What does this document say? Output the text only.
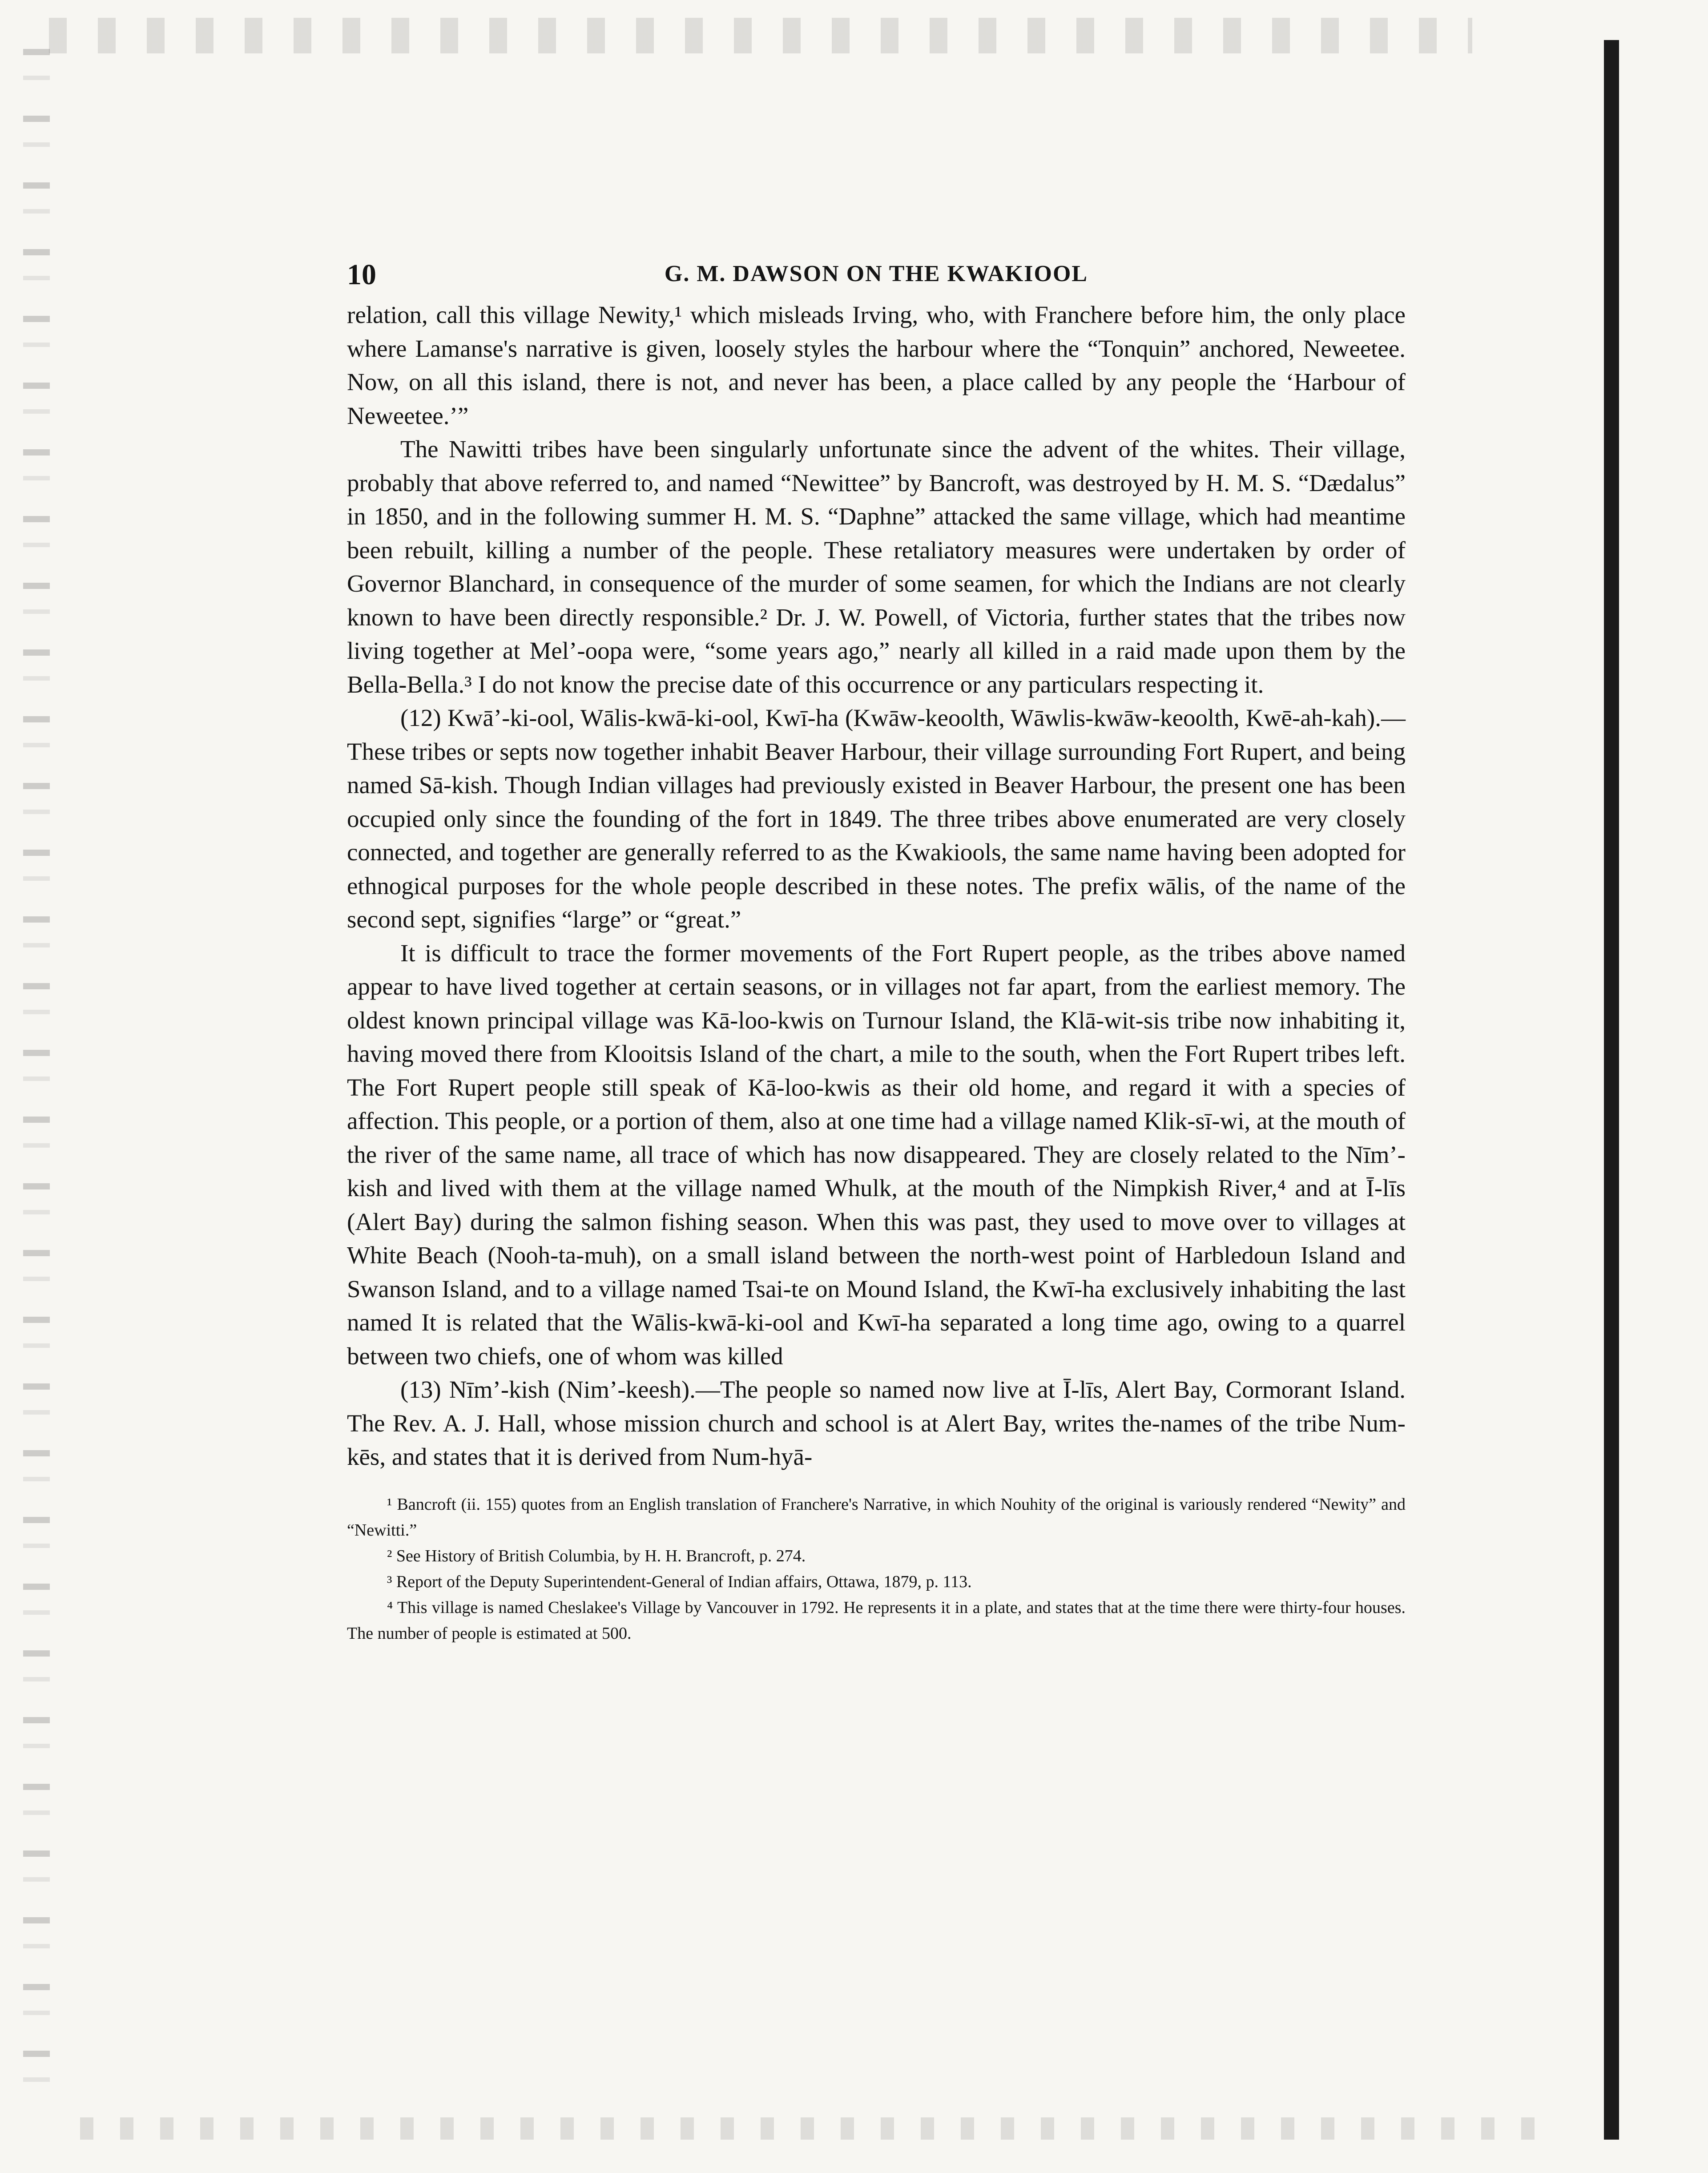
10	G. M. DAWSON ON THE KWAKIOOL

relation, call this village Newity,¹ which misleads Irving, who, with Franchere before him, the only place where Lamanse's narrative is given, loosely styles the harbour where the “Tonquin” anchored, Neweetee. Now, on all this island, there is not, and never has been, a place called by any people the ‘Harbour of Neweetee.’”

The Nawitti tribes have been singularly unfortunate since the advent of the whites. Their village, probably that above referred to, and named “Newittee” by Bancroft, was destroyed by H. M. S. “Dædalus” in 1850, and in the following summer H. M. S. “Daphne” attacked the same village, which had meantime been rebuilt, killing a number of the people. These retaliatory measures were undertaken by order of Governor Blanchard, in consequence of the murder of some seamen, for which the Indians are not clearly known to have been directly responsible.² Dr. J. W. Powell, of Victoria, further states that the tribes now living together at Mel’-oopa were, “some years ago,” nearly all killed in a raid made upon them by the Bella-Bella.³ I do not know the precise date of this occurrence or any particulars respecting it.

(12) Kwā’-ki-ool, Wālis-kwā-ki-ool, Kwī-ha (Kwāw-keoolth, Wāwlis-kwāw-keoolth, Kwē-ah-kah).—These tribes or septs now together inhabit Beaver Harbour, their village surrounding Fort Rupert, and being named Sā-kish. Though Indian villages had previously existed in Beaver Harbour, the present one has been occupied only since the founding of the fort in 1849. The three tribes above enumerated are very closely connected, and together are generally referred to as the Kwakiools, the same name having been adopted for ethnogical purposes for the whole people described in these notes. The prefix wālis, of the name of the second sept, signifies “large” or “great.”

It is difficult to trace the former movements of the Fort Rupert people, as the tribes above named appear to have lived together at certain seasons, or in villages not far apart, from the earliest memory. The oldest known principal village was Kā-loo-kwis on Turnour Island, the Klā-wit-sis tribe now inhabiting it, having moved there from Klooitsis Island of the chart, a mile to the south, when the Fort Rupert tribes left. The Fort Rupert people still speak of Kā-loo-kwis as their old home, and regard it with a species of affection. This people, or a portion of them, also at one time had a village named Klik-sī-wi, at the mouth of the river of the same name, all trace of which has now disappeared. They are closely related to the Nīm’-kish and lived with them at the village named Whulk, at the mouth of the Nimpkish River,⁴ and at Ī-līs (Alert Bay) during the salmon fishing season. When this was past, they used to move over to villages at White Beach (Nooh-ta-muh), on a small island between the north-west point of Harbledoun Island and Swanson Island, and to a village named Tsai-te on Mound Island, the Kwī-ha exclusively inhabiting the last named It is related that the Wālis-kwā-ki-ool and Kwī-ha separated a long time ago, owing to a quarrel between two chiefs, one of whom was killed

(13) Nīm’-kish (Nim’-keesh).—The people so named now live at Ī-līs, Alert Bay, Cormorant Island. The Rev. A. J. Hall, whose mission church and school is at Alert Bay, writes the-names of the tribe Num-kēs, and states that it is derived from Num-hyā-

¹ Bancroft (ii. 155) quotes from an English translation of Franchere's Narrative, in which Nouhity of the original is variously rendered “Newity” and “Newitti.”

² See History of British Columbia, by H. H. Brancroft, p. 274.

³ Report of the Deputy Superintendent-General of Indian affairs, Ottawa, 1879, p. 113.

⁴ This village is named Cheslakee's Village by Vancouver in 1792. He represents it in a plate, and states that at the time there were thirty-four houses. The number of people is estimated at 500.
